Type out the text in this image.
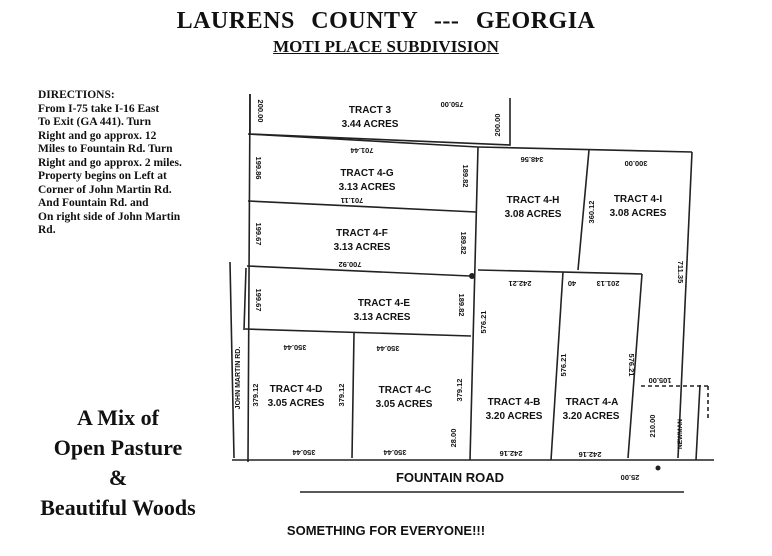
LAURENS COUNTY --- GEORGIA
MOTI PLACE SUBDIVISION
DIRECTIONS:
From I-75 take I-16 East
To Exit (GA 441). Turn
Right and go approx. 12
Miles to Fountain Rd. Turn
Right and go approx. 2 miles.
Property begins on Left at
Corner of John Martin Rd.
And Fountain Rd. and
On right side of John Martin
Rd.
A Mix of
Open Pasture
&
Beautiful Woods
TRACT 3
3.44 ACRES
TRACT 4-G
3.13 ACRES
TRACT 4-F
3.13 ACRES
TRACT 4-E
3.13 ACRES
TRACT 4-D
3.05 ACRES
TRACT 4-C
3.05 ACRES
TRACT 4-H
3.08 ACRES
TRACT 4-I
3.08 ACRES
TRACT 4-B
3.20 ACRES
TRACT 4-A
3.20 ACRES
FOUNTAIN ROAD
JOHN MARTIN RD.
NEWMAN
750.00
200.00
200.00
701.44
199.86	189.82
701.11
199.67	189.82
700.92
199.67	189.82
350.44	350.44
379.12	379.12	379.12
350.44	350.44
28.00
348.56	300.00
360.12
711.35
242.21	40	201.13
576.21
576.21	576.21
242.16	242.16
105.00
210.00
25.00
SOMETHING FOR EVERYONE!!!
